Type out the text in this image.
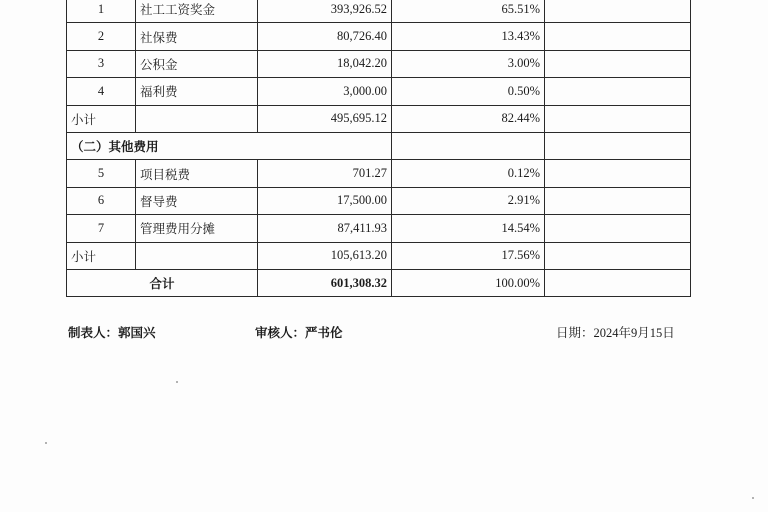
1	社工工资奖金	393,926.52	65.51%	
2	社保费	80,726.40	13.43%	
3	公积金	18,042.20	3.00%	
4	福利费	3,000.00	0.50%	
小计		495,695.12	82.44%	
（二）其他费用				
5	项目税费	701.27	0.12%	
6	督导费	17,500.00	2.91%	
7	管理费用分摊	87,411.93	14.54%	
小计		105,613.20	17.56%	
合计		601,308.32	100.00%	
制表人：郭国兴	审核人：严书伦	日期：2024年9月15日
